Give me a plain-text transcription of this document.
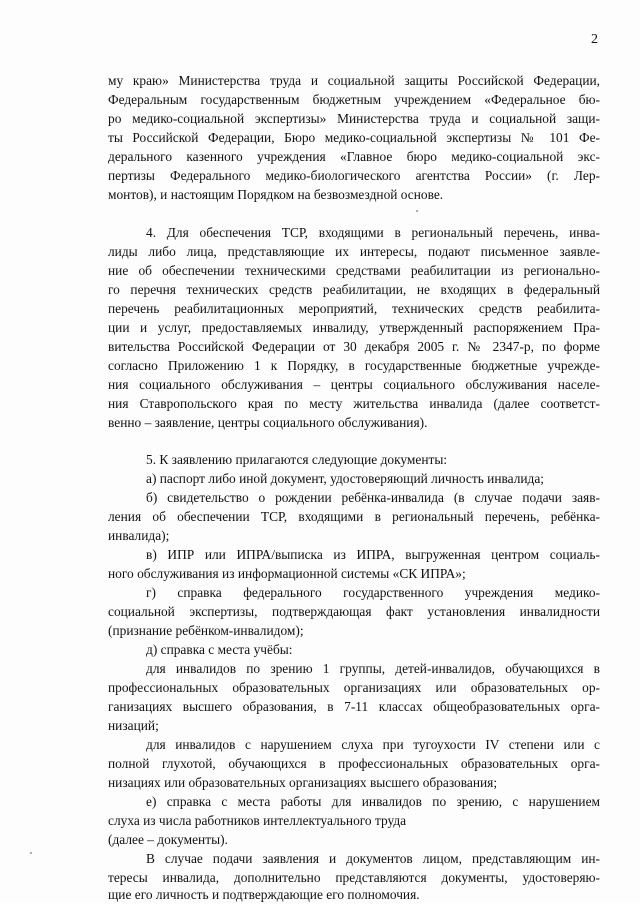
2
му краю» Министерства труда и социальной защиты Российской Федерации,
Федеральным государственным бюджетным учреждением «Федеральное бю-
ро медико-социальной экспертизы» Министерства труда и социальной защи-
ты Российской Федерации, Бюро медико-социальной экспертизы № 101 Фе-
дерального казенного учреждения «Главное бюро медико-социальной экс-
пертизы Федерального медико-биологического агентства России» (г. Лер-
монтов), и настоящим Порядком на безвозмездной основе.
4. Для обеспечения ТСР, входящими в региональный перечень, инва-
лиды либо лица, представляющие их интересы, подают письменное заявле-
ние об обеспечении техническими средствами реабилитации из регионально-
го перечня технических средств реабилитации, не входящих в федеральный
перечень реабилитационных мероприятий, технических средств реабилита-
ции и услуг, предоставляемых инвалиду, утвержденный распоряжением Пра-
вительства Российской Федерации от 30 декабря 2005 г. № 2347-р, по форме
согласно Приложению 1 к Порядку, в государственные бюджетные учрежде-
ния социального обслуживания – центры социального обслуживания населе-
ния Ставропольского края по месту жительства инвалида (далее соответст-
венно – заявление, центры социального обслуживания).
5. К заявлению прилагаются следующие документы:
а) паспорт либо иной документ, удостоверяющий личность инвалида;
б) свидетельство о рождении ребёнка-инвалида (в случае подачи заяв-
ления об обеспечении ТСР, входящими в региональный перечень, ребёнка-
инвалида);
в) ИПР или ИПРА/выписка из ИПРА, выгруженная центром социаль-
ного обслуживания из информационной системы «СК ИПРА»;
г) справка федерального государственного учреждения медико-
социальной экспертизы, подтверждающая факт установления инвалидности
(признание ребёнком-инвалидом);
д) справка с места учёбы:
для инвалидов по зрению 1 группы, детей-инвалидов, обучающихся в
профессиональных образовательных организациях или образовательных ор-
ганизациях высшего образования, в 7-11 классах общеобразовательных орга-
низаций;
для инвалидов с нарушением слуха при тугоухости IV степени или с
полной глухотой, обучающихся в профессиональных образовательных орга-
низациях или образовательных организациях высшего образования;
е) справка с места работы для инвалидов по зрению, с нарушением
слуха из числа работников интеллектуального труда
(далее – документы).
В случае подачи заявления и документов лицом, представляющим ин-
тересы инвалида, дополнительно представляются документы, удостоверяю-
щие его личность и подтверждающие его полномочия.
